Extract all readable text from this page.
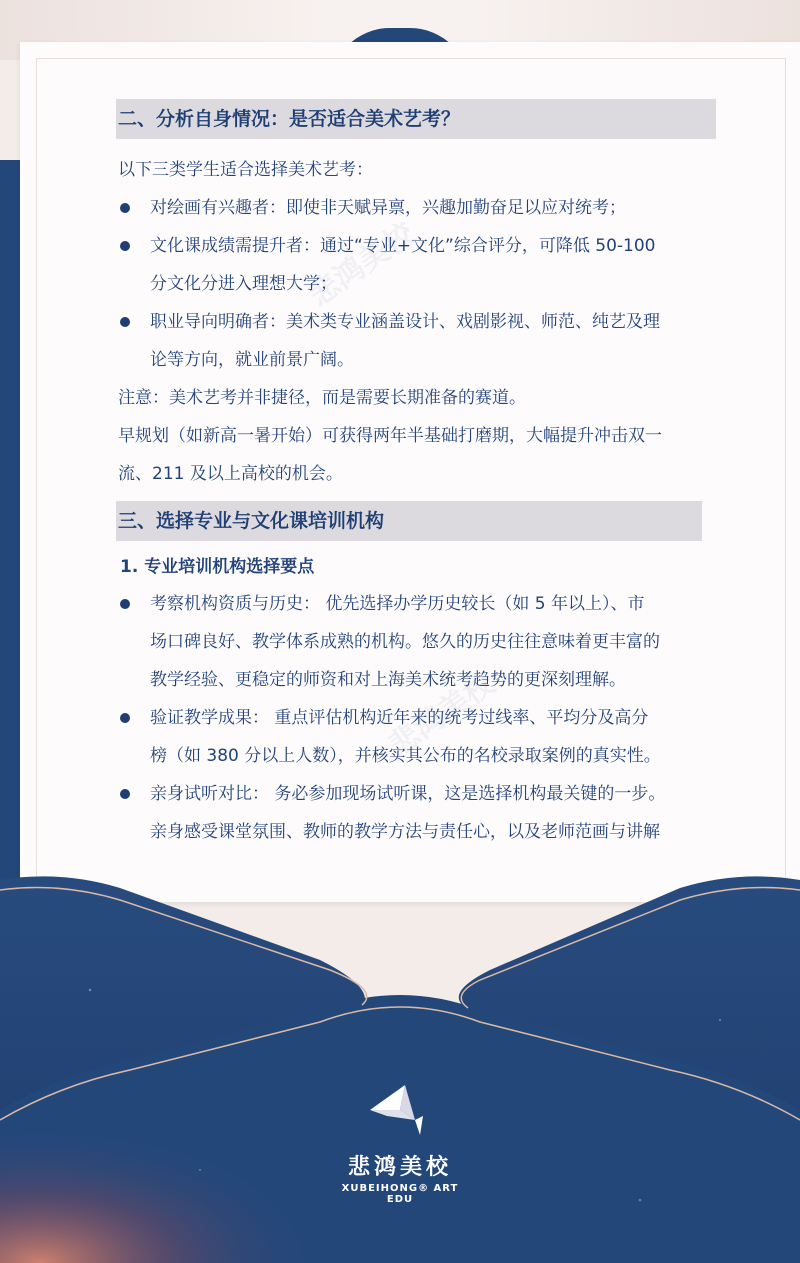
二、分析自身情况：是否适合美术艺考？
以下三类学生适合选择美术艺考：
对绘画有兴趣者：即使非天赋异禀，兴趣加勤奋足以应对统考；
文化课成绩需提升者：通过“专业+文化”综合评分，可降低 50-100
分文化分进入理想大学；
职业导向明确者：美术类专业涵盖设计、戏剧影视、师范、纯艺及理
论等方向，就业前景广阔。
注意：美术艺考并非捷径，而是需要长期准备的赛道。
早规划（如新高一暑开始）可获得两年半基础打磨期，大幅提升冲击双一
流、211 及以上高校的机会。
三、选择专业与文化课培训机构
1. 专业培训机构选择要点
考察机构资质与历史： 优先选择办学历史较长（如 5 年以上）、市
场口碑良好、教学体系成熟的机构。悠久的历史往往意味着更丰富的
教学经验、更稳定的师资和对上海美术统考趋势的更深刻理解。
验证教学成果： 重点评估机构近年来的统考过线率、平均分及高分
榜（如 380 分以上人数），并核实其公布的名校录取案例的真实性。
亲身试听对比： 务必参加现场试听课，这是选择机构最关键的一步。
亲身感受课堂氛围、教师的教学方法与责任心，以及老师范画与讲解
悲鸿美校
XUBEIHONG® ART EDU
